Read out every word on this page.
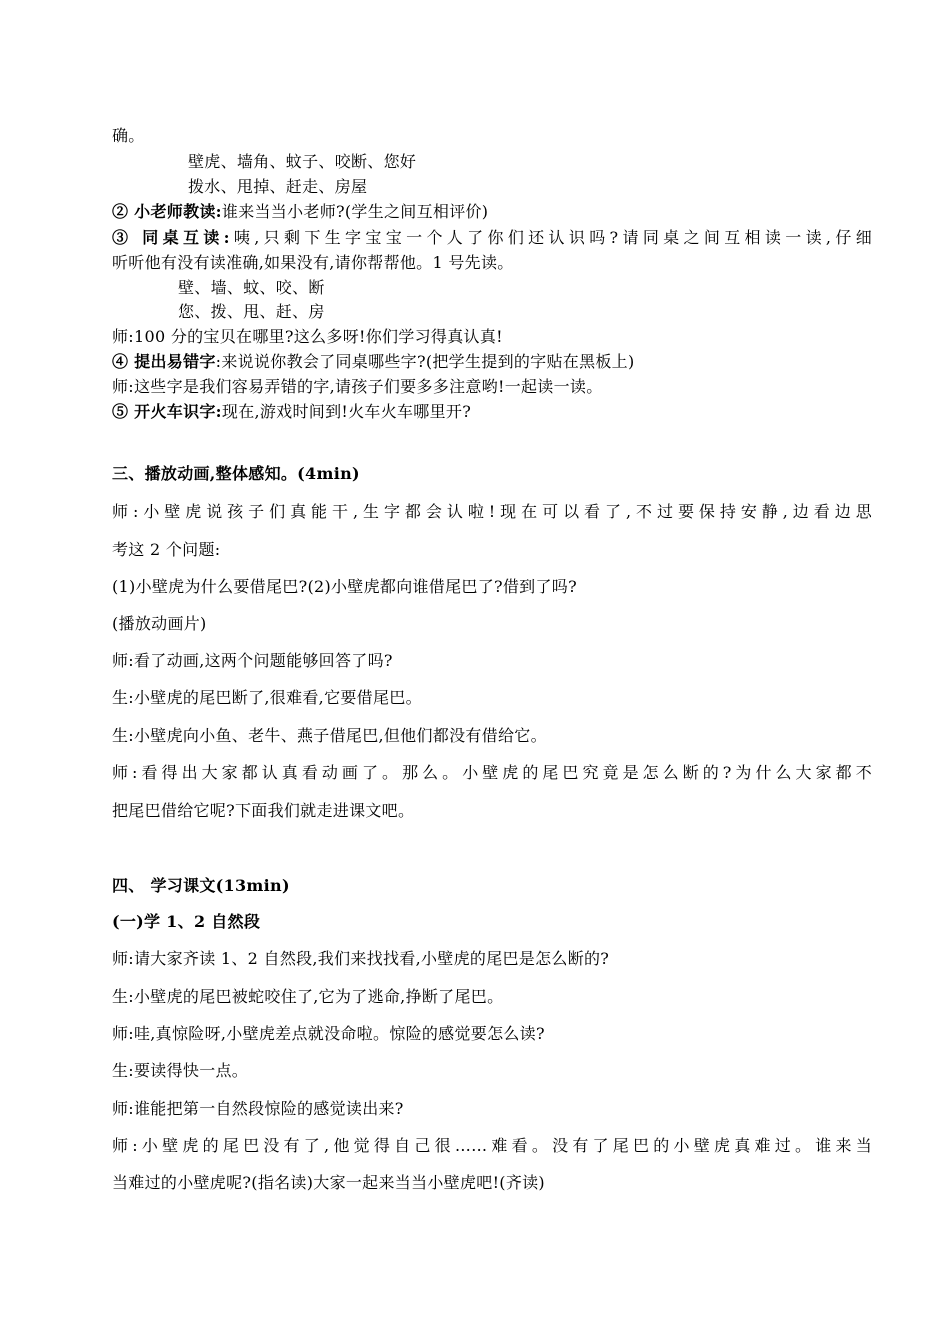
确。
壁虎、墙角、蚊子、咬断、您好
拨水、甩掉、赶走、房屋
② 小老师教读:谁来当当小老师?(学生之间互相评价)
③ 同桌互读:咦,只剩下生字宝宝一个人了你们还认识吗?请同桌之间互相读一读,仔细
听听他有没有读准确,如果没有,请你帮帮他。1 号先读。
壁、墙、蚊、咬、断
您、拨、甩、赶、房
师:100 分的宝贝在哪里?这么多呀!你们学习得真认真!
④ 提出易错字:来说说你教会了同桌哪些字?(把学生提到的字贴在黑板上)
师:这些字是我们容易弄错的字,请孩子们要多多注意哟!一起读一读。
⑤ 开火车识字:现在,游戏时间到!火车火车哪里开?
三、播放动画,整体感知。(4min)
师:小壁虎说孩子们真能干,生字都会认啦!现在可以看了,不过要保持安静,边看边思
考这 2 个问题:
(1)小壁虎为什么要借尾巴?(2)小壁虎都向谁借尾巴了?借到了吗?
(播放动画片)
师:看了动画,这两个问题能够回答了吗?
生:小壁虎的尾巴断了,很难看,它要借尾巴。
生:小壁虎向小鱼、老牛、燕子借尾巴,但他们都没有借给它。
师:看得出大家都认真看动画了。那么。小壁虎的尾巴究竟是怎么断的?为什么大家都不
把尾巴借给它呢?下面我们就走进课文吧。
四、 学习课文(13min)
(一)学 1、2 自然段
师:请大家齐读 1、2 自然段,我们来找找看,小壁虎的尾巴是怎么断的?
生:小壁虎的尾巴被蛇咬住了,它为了逃命,挣断了尾巴。
师:哇,真惊险呀,小壁虎差点就没命啦。惊险的感觉要怎么读?
生:要读得快一点。
师:谁能把第一自然段惊险的感觉读出来?
师:小壁虎的尾巴没有了,他觉得自己很……难看。没有了尾巴的小壁虎真难过。谁来当
当难过的小壁虎呢?(指名读)大家一起来当当小壁虎吧!(齐读)
